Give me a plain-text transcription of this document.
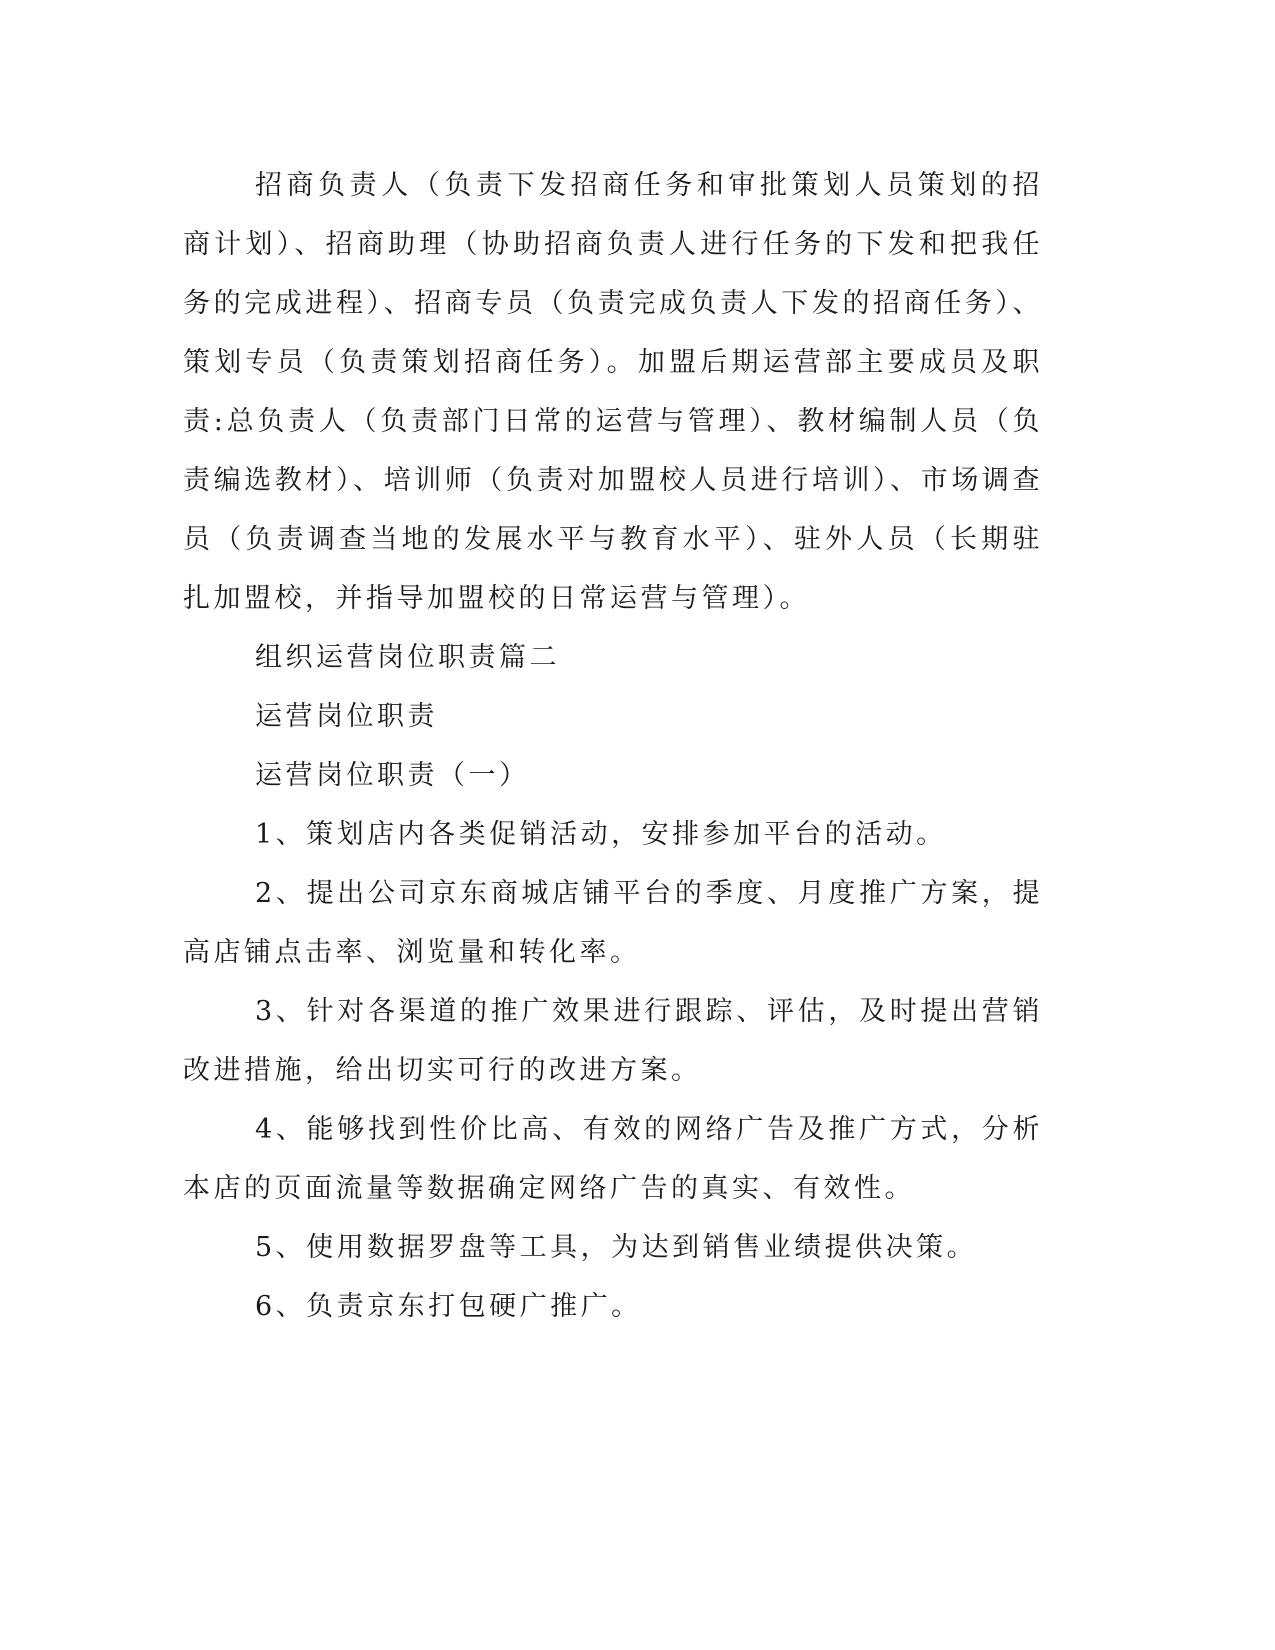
招商负责人（负责下发招商任务和审批策划人员策划的招商计划）、招商助理（协助招商负责人进行任务的下发和把我任务的完成进程）、招商专员（负责完成负责人下发的招商任务）、策划专员（负责策划招商任务）。加盟后期运营部主要成员及职责:总负责人（负责部门日常的运营与管理）、教材编制人员（负责编选教材）、培训师（负责对加盟校人员进行培训）、市场调查员（负责调查当地的发展水平与教育水平）、驻外人员（长期驻扎加盟校，并指导加盟校的日常运营与管理）。

组织运营岗位职责篇二

运营岗位职责

运营岗位职责（一）

1、策划店内各类促销活动，安排参加平台的活动。

2、提出公司京东商城店铺平台的季度、月度推广方案，提高店铺点击率、浏览量和转化率。

3、针对各渠道的推广效果进行跟踪、评估，及时提出营销改进措施，给出切实可行的改进方案。

4、能够找到性价比高、有效的网络广告及推广方式，分析本店的页面流量等数据确定网络广告的真实、有效性。

5、使用数据罗盘等工具，为达到销售业绩提供决策。

6、负责京东打包硬广推广。
